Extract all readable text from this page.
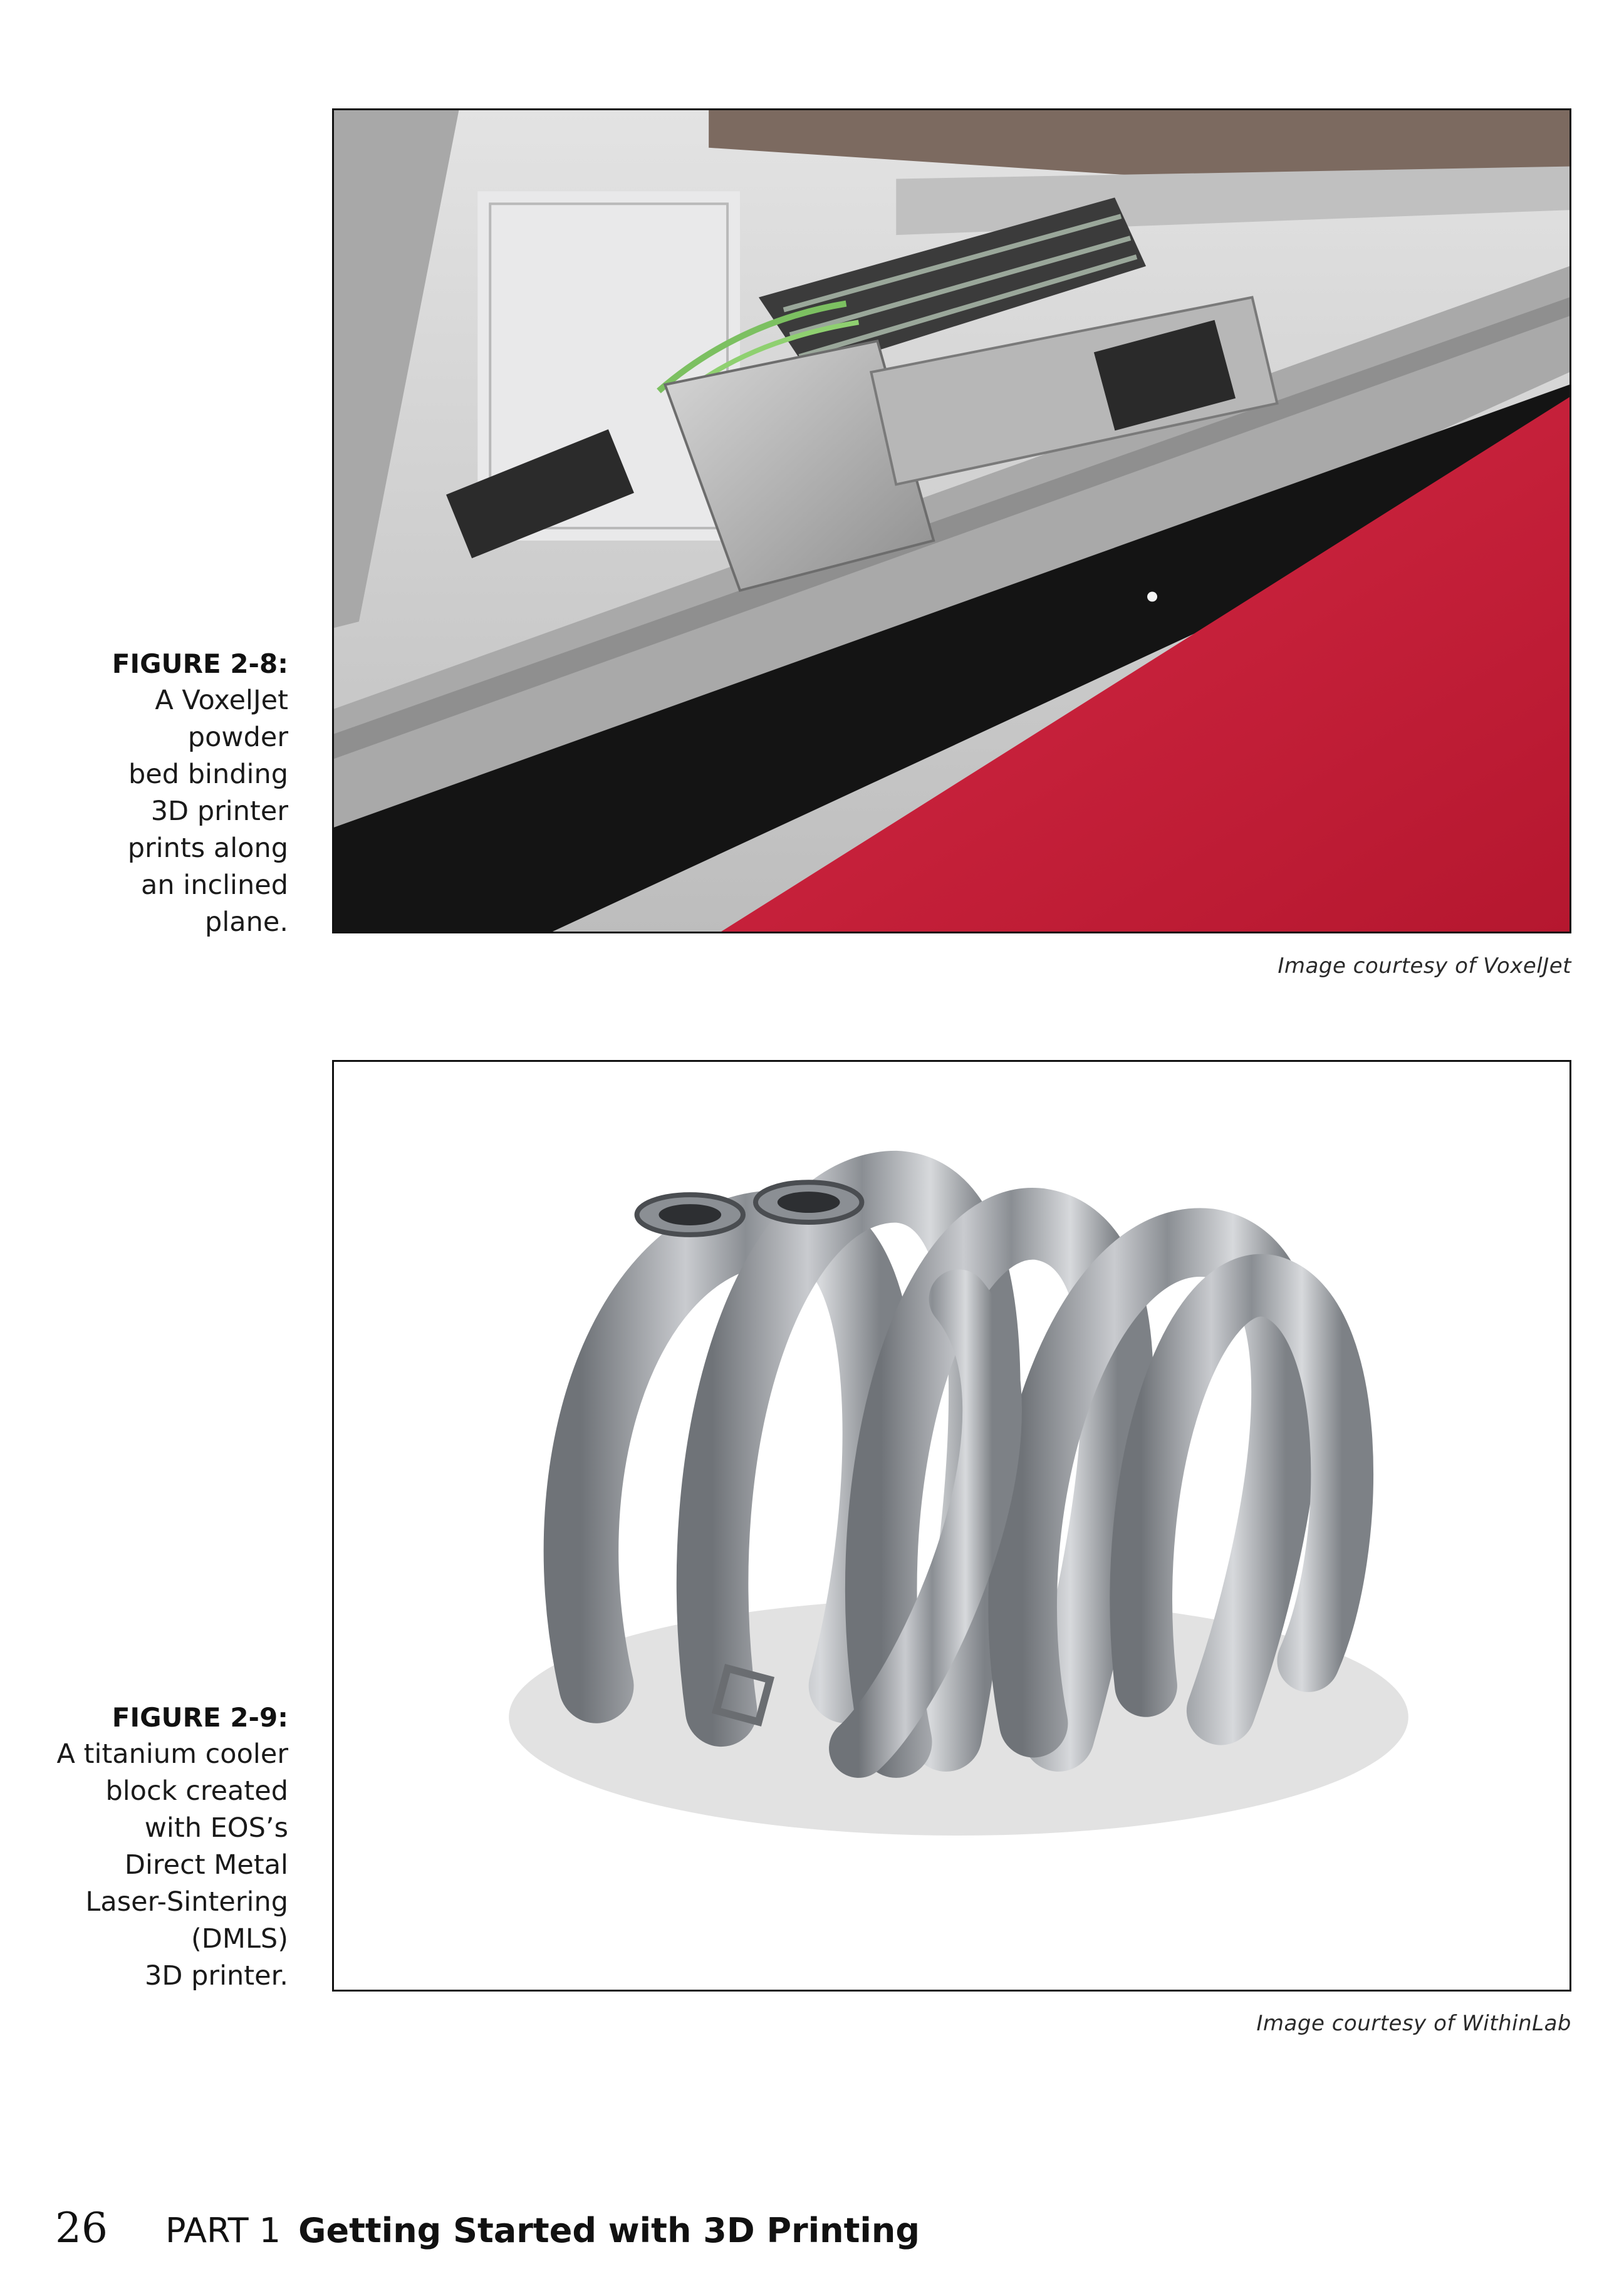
FIGURE 2-8:
A VoxelJet
powder
bed binding
3D printer
prints along
an inclined
plane.
Image courtesy of VoxelJet
FIGURE 2-9:
A titanium cooler
block created
with EOS’s
Direct Metal
Laser-Sintering
(DMLS)
3D printer.
Image courtesy of WithinLab
26 PART 1 Getting Started with 3D Printing
